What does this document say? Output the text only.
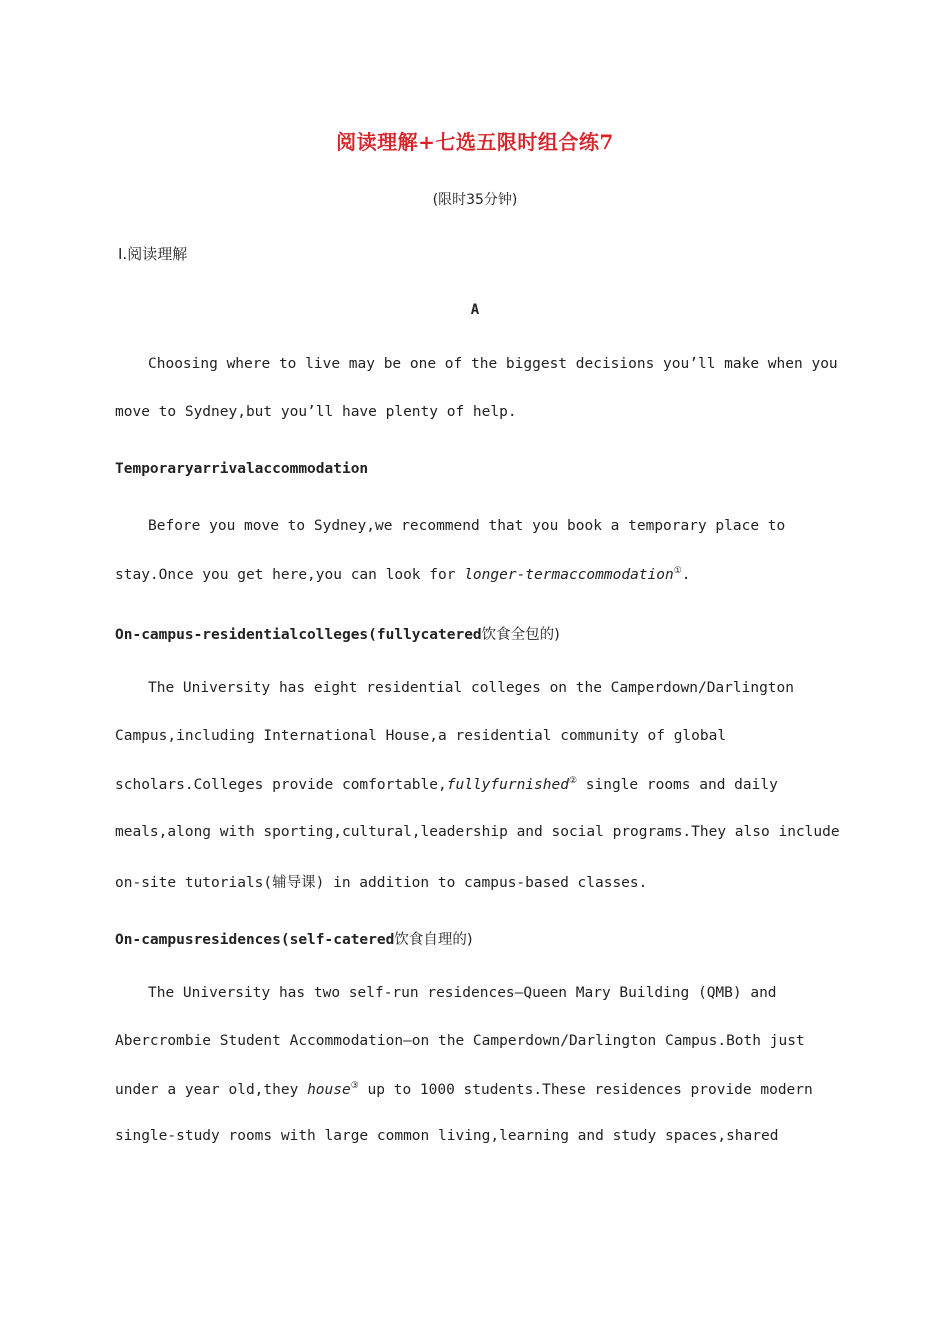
阅读理解+七选五限时组合练7
(限时35分钟)
Ⅰ.阅读理解
A
Choosing where to live may be one of the biggest decisions you’ll make when you
move to Sydney,but you’ll have plenty of help.
Temporaryarrivalaccommodation
Before you move to Sydney,we recommend that you book a temporary place to
stay.Once you get here,you can look for longer-termaccommodation①.
On-campus-residentialcolleges(fullycatered饮食全包的)
The University has eight residential colleges on the Camperdown/Darlington
Campus,including International House,a residential community of global
scholars.Colleges provide comfortable,fullyfurnished② single rooms and daily
meals,along with sporting,cultural,leadership and social programs.They also include
on-site tutorials(辅导课) in addition to campus-based classes.
On-campusresidences(self-catered饮食自理的)
The University has two self-run residences—Queen Mary Building (QMB) and
Abercrombie Student Accommodation—on the Camperdown/Darlington Campus.Both just
under a year old,they house③ up to 1000 students.These residences provide modern
single-study rooms with large common living,learning and study spaces,shared
